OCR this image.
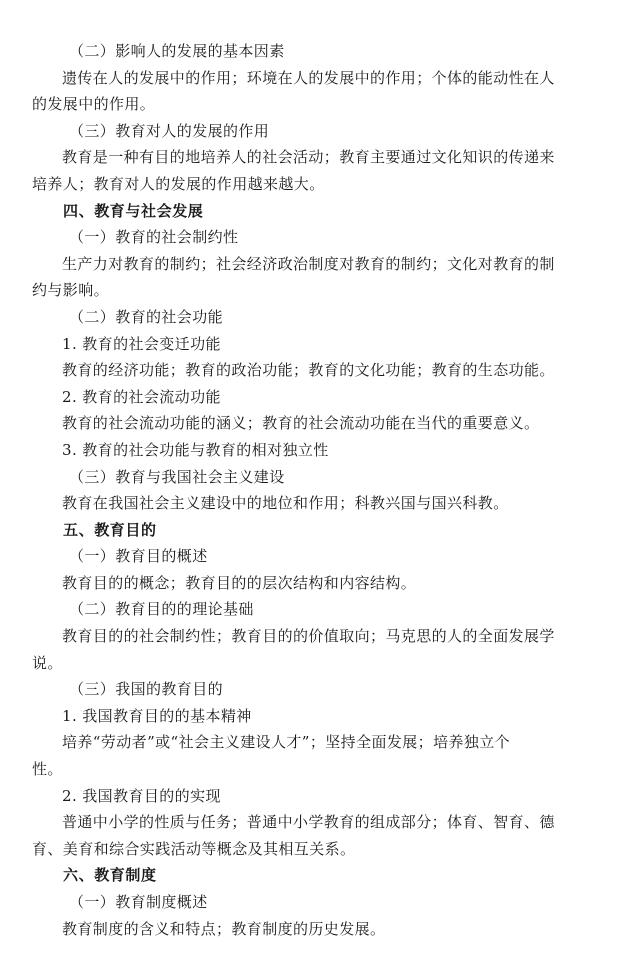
（二）影响人的发展的基本因素
遗传在人的发展中的作用；环境在人的发展中的作用；个体的能动性在人
的发展中的作用。
（三）教育对人的发展的作用
教育是一种有目的地培养人的社会活动；教育主要通过文化知识的传递来
培养人；教育对人的发展的作用越来越大。
四、教育与社会发展
（一）教育的社会制约性
生产力对教育的制约；社会经济政治制度对教育的制约；文化对教育的制
约与影响。
（二）教育的社会功能
1. 教育的社会变迁功能
教育的经济功能；教育的政治功能；教育的文化功能；教育的生态功能。
2. 教育的社会流动功能
教育的社会流动功能的涵义；教育的社会流动功能在当代的重要意义。
3. 教育的社会功能与教育的相对独立性
（三）教育与我国社会主义建设
教育在我国社会主义建设中的地位和作用；科教兴国与国兴科教。
五、教育目的
（一）教育目的概述
教育目的的概念；教育目的的层次结构和内容结构。
（二）教育目的的理论基础
教育目的的社会制约性；教育目的的价值取向；马克思的人的全面发展学
说。
（三）我国的教育目的
1. 我国教育目的的基本精神
培养“劳动者”或“社会主义建设人才”；坚持全面发展；培养独立个
性。
2. 我国教育目的的实现
普通中小学的性质与任务；普通中小学教育的组成部分；体育、智育、德
育、美育和综合实践活动等概念及其相互关系。
六、教育制度
（一）教育制度概述
教育制度的含义和特点；教育制度的历史发展。
